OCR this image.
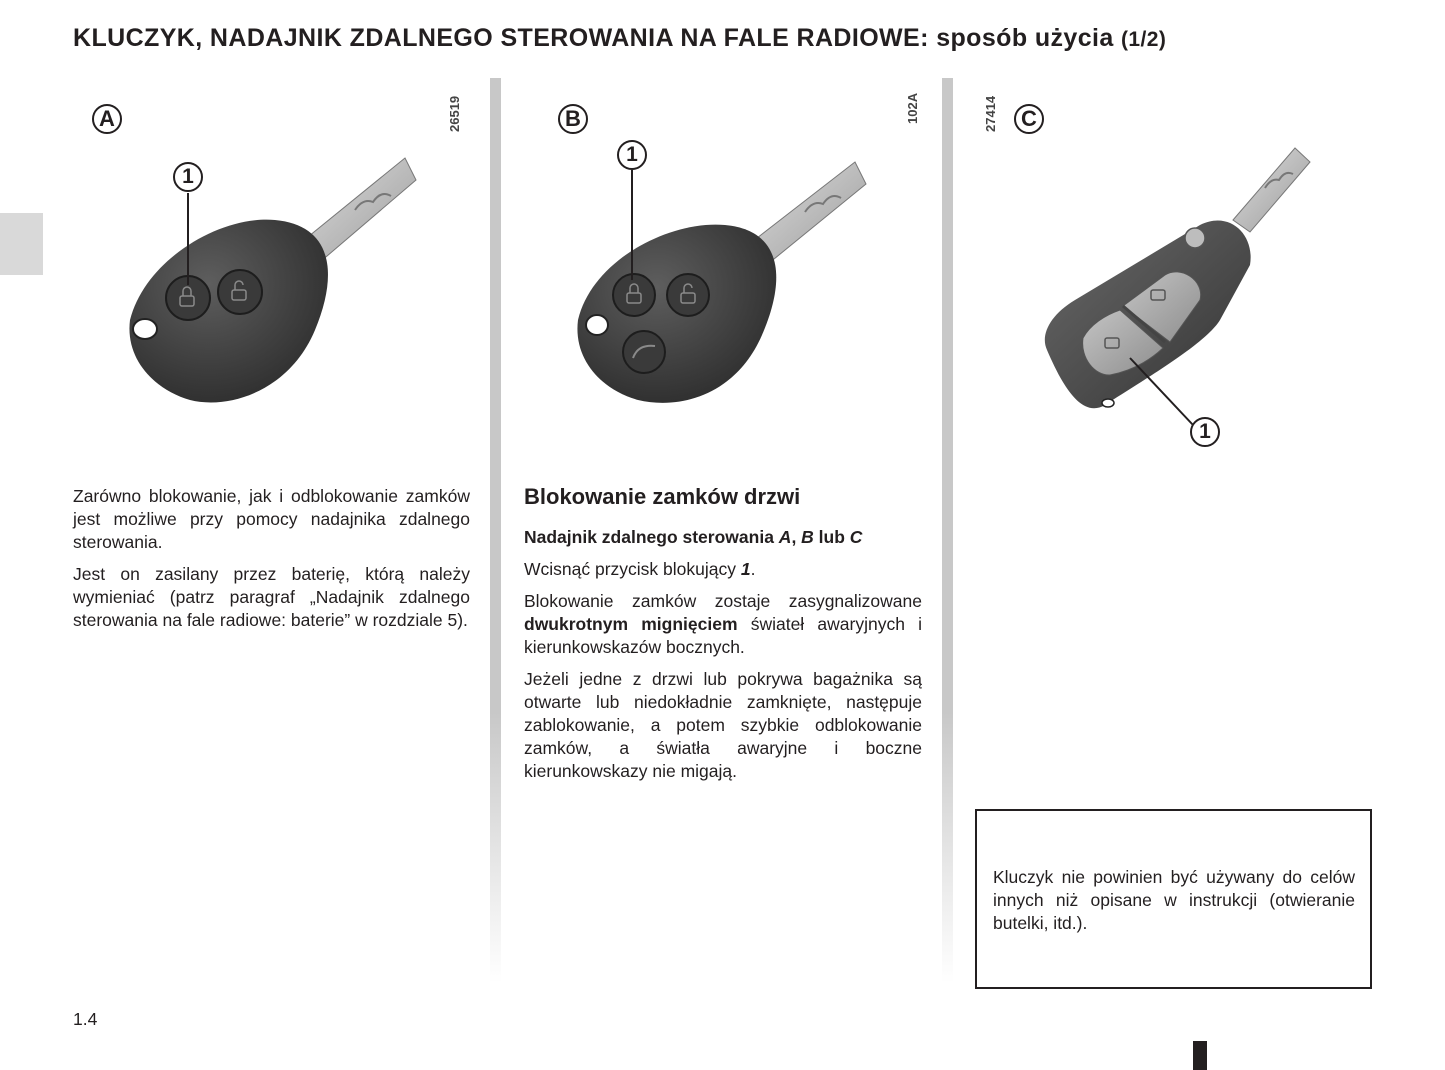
KLUCZYK, NADAJNIK ZDALNEGO STEROWANIA NA FALE RADIOWE: sposób użycia (1/2)
A	26519
1
B	102A
1
C
27414
1

Zarówno blokowanie, jak i odblokowanie zamków jest możliwe przy pomocy nadajnika zdalnego sterowania.

Jest on zasilany przez baterię, którą należy wymieniać (patrz paragraf „Nadajnik zdalnego sterowania na fale radiowe: baterie” w rozdziale 5).

Blokowanie zamków drzwi
Nadajnik zdalnego sterowania A, B lub C

Wcisnąć przycisk blokujący 1.

Blokowanie zamków zostaje zasygnalizowane dwukrotnym mignięciem świateł awaryjnych i kierunkowskazów bocznych.

Jeżeli jedne z drzwi lub pokrywa bagażnika są otwarte lub niedokładnie zamknięte, następuje zablokowanie, a potem szybkie odblokowanie zamków, a światła awaryjne i boczne kierunkowskazy nie migają.

Kluczyk nie powinien być używany do celów innych niż opisane w instrukcji (otwieranie butelki, itd.).
1.4
